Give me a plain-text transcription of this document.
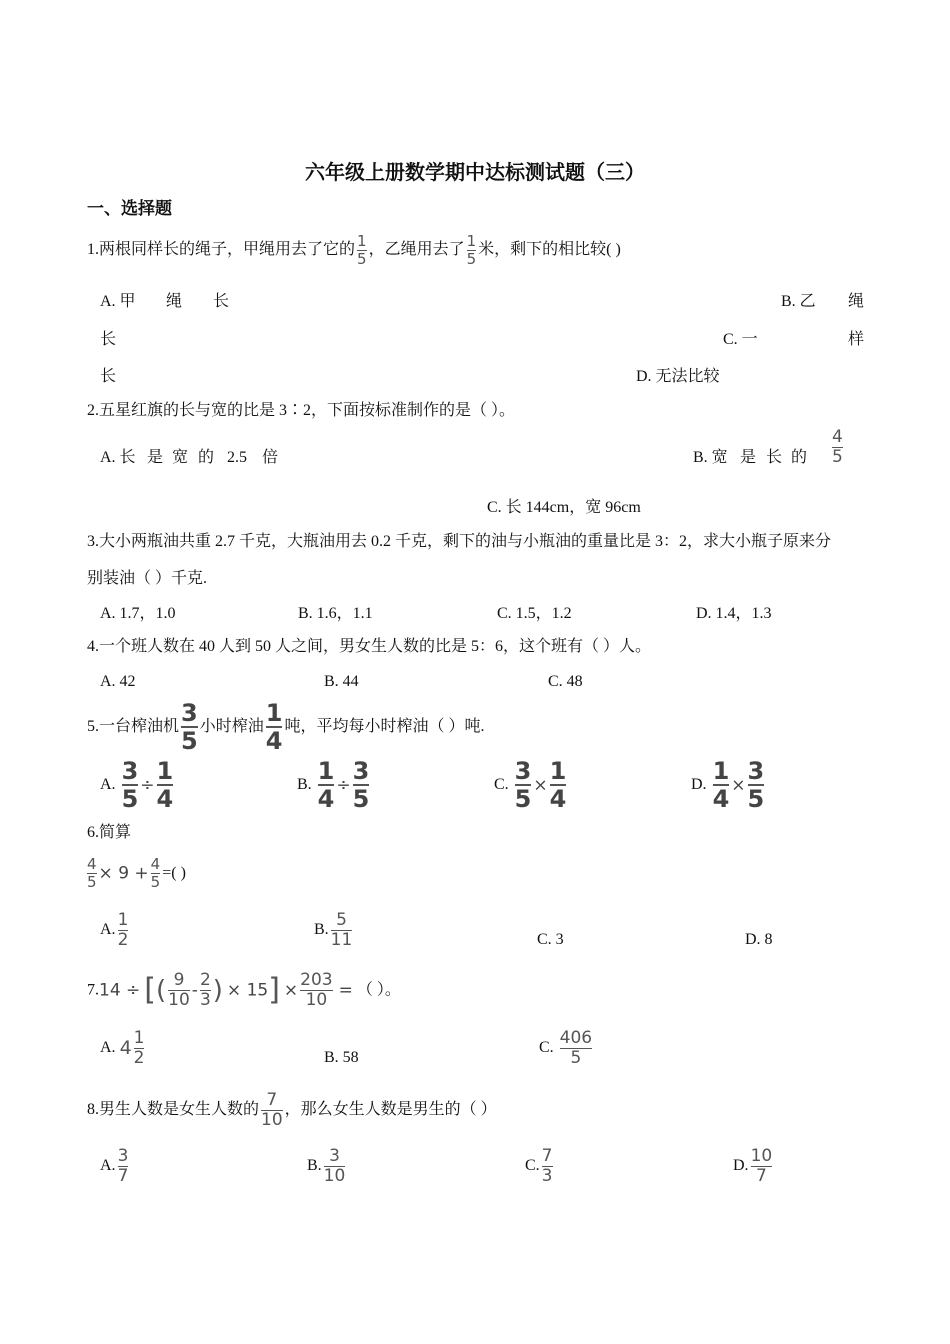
六年级上册数学期中达标测试题（三）
一、选择题
1.两根同样长的绳子，甲绳用去了它的 $\frac{1}{5}$ ，乙绳用去了 $\frac{1}{5}$ 米，剩下的相比较( )
A. 甲 绳 长	B. 乙 绳
长	C. 一	样
长	D. 无法比较
2.五星红旗的长与宽的比是 3∶2，下面按标准制作的是（ ）。
A. 长 是 宽 的 2.5 倍	B. 宽 是 长 的 $\frac{4}{5}$
C. 长 144cm，宽 96cm
3.大小两瓶油共重 2.7 千克，大瓶油用去 0.2 千克，剩下的油与小瓶油的重量比是 3：2，求大小瓶子原来分
别装油（ ）千克.
A. 1.7，1.0	B. 1.6，1.1	C. 1.5，1.2	D. 1.4，1.3
4.一个班人数在 40 人到 50 人之间，男女生人数的比是 5：6，这个班有（ ）人。
A. 42	B. 44	C. 48
5.一台榨油机 $\frac{3}{5}$ 小时榨油 $\frac{1}{4}$ 吨，平均每小时榨油（ ）吨.
A. $\frac{3}{5} \div \frac{1}{4}$	B. $\frac{1}{4} \div \frac{3}{5}$	C. $\frac{3}{5} \times \frac{1}{4}$	D. $\frac{1}{4} \times \frac{3}{5}$
6.简算
$\frac{4}{5} \times 9 + \frac{4}{5}$ =( )
A. $\frac{1}{2}$	B. $\frac{5}{11}$	C. 3	D. 8
7.14 ÷ [( $\frac{9}{10} - \frac{2}{3}$ ) × $15] \times \frac{203}{10}$ = （ ）。
A. 4 1
2	B. 58
C. $\frac{406}{5}$
8.男生人数是女生人数的 $\frac{7}{10}$ ，那么女生人数是男生的（ ）
A. $\frac{3}{7}$	B. $\frac{3}{10}$	C. $\frac{7}{3}$	D. $\frac{10}{7}$
